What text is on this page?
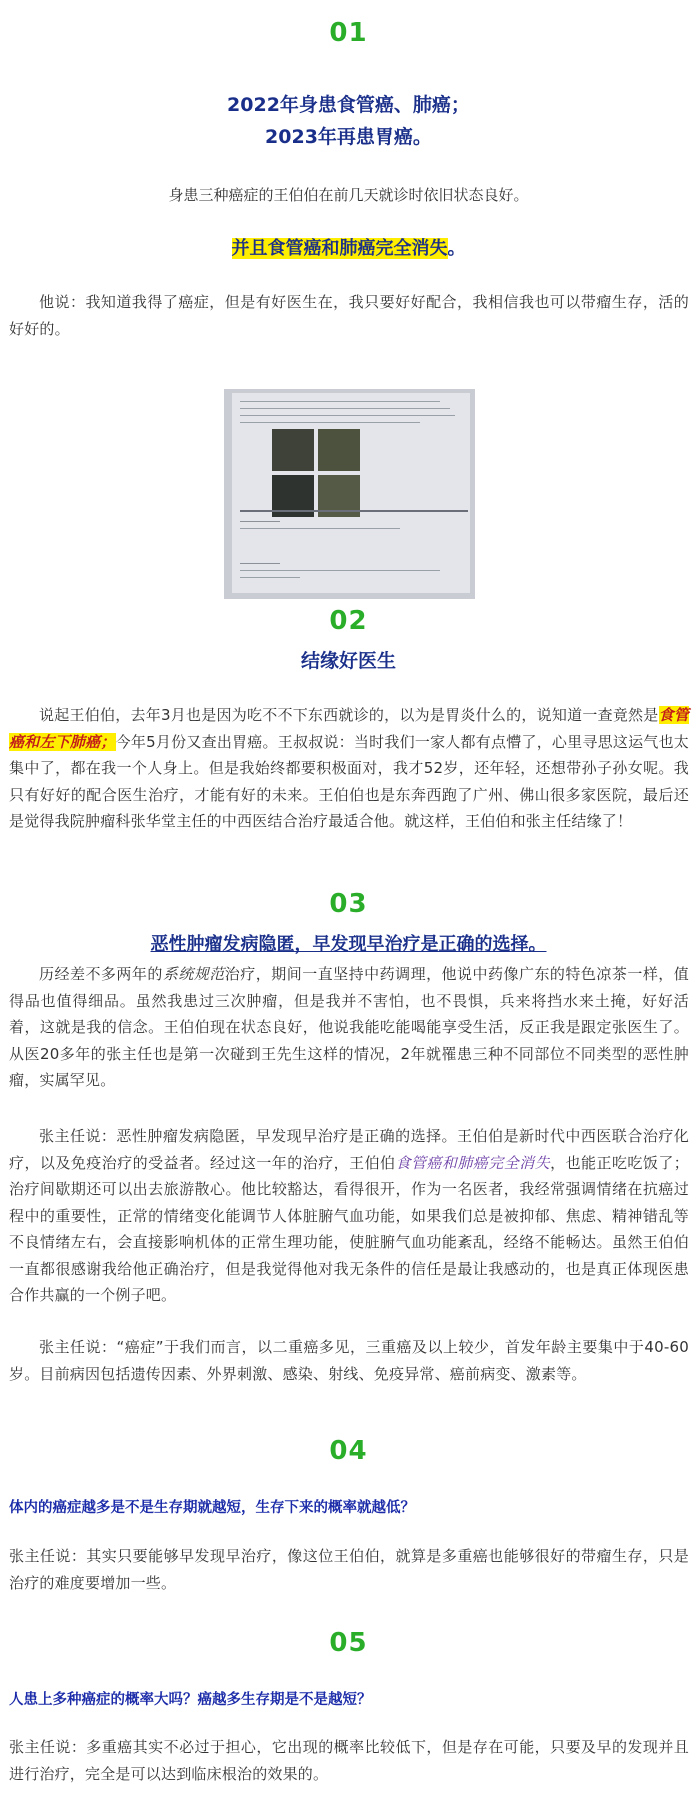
01
2022年身患食管癌、肺癌；
2023年再患胃癌。
身患三种癌症的王伯伯在前几天就诊时依旧状态良好。
并且食管癌和肺癌完全消失。
他说：我知道我得了癌症，但是有好医生在，我只要好好配合，我相信我也可以带瘤生存，活的好好的。
02
结缘好医生
说起王伯伯，去年3月也是因为吃不不下东西就诊的，以为是胃炎什么的，说知道一查竟然是食管癌和左下肺癌；今年5月份又查出胃癌。王叔叔说：当时我们一家人都有点懵了，心里寻思这运气也太集中了，都在我一个人身上。但是我始终都要积极面对，我才52岁，还年轻，还想带孙子孙女呢。我只有好好的配合医生治疗，才能有好的未来。王伯伯也是东奔西跑了广州、佛山很多家医院，最后还是觉得我院肿瘤科张华堂主任的中西医结合治疗最适合他。就这样，王伯伯和张主任结缘了！
03
恶性肿瘤发病隐匿，早发现早治疗是正确的选择。
历经差不多两年的系统规范治疗，期间一直坚持中药调理，他说中药像广东的特色凉茶一样，值得品也值得细品。虽然我患过三次肿瘤，但是我并不害怕，也不畏惧，兵来将挡水来土掩，好好活着，这就是我的信念。王伯伯现在状态良好，他说我能吃能喝能享受生活，反正我是跟定张医生了。从医20多年的张主任也是第一次碰到王先生这样的情况，2年就罹患三种不同部位不同类型的恶性肿瘤，实属罕见。
张主任说：恶性肿瘤发病隐匿，早发现早治疗是正确的选择。王伯伯是新时代中西医联合治疗化疗，以及免疫治疗的受益者。经过这一年的治疗，王伯伯食管癌和肺癌完全消失，也能正吃吃饭了；治疗间歇期还可以出去旅游散心。他比较豁达，看得很开，作为一名医者，我经常强调情绪在抗癌过程中的重要性，正常的情绪变化能调节人体脏腑气血功能，如果我们总是被抑郁、焦虑、精神错乱等不良情绪左右，会直接影响机体的正常生理功能，使脏腑气血功能紊乱，经络不能畅达。虽然王伯伯一直都很感谢我给他正确治疗，但是我觉得他对我无条件的信任是最让我感动的，也是真正体现医患合作共赢的一个例子吧。
张主任说：“癌症”于我们而言，以二重癌多见，三重癌及以上较少，首发年龄主要集中于40-60 岁。目前病因包括遗传因素、外界刺激、感染、射线、免疫异常、癌前病变、激素等。
04
体内的癌症越多是不是生存期就越短，生存下来的概率就越低？
张主任说：其实只要能够早发现早治疗，像这位王伯伯，就算是多重癌也能够很好的带瘤生存，只是治疗的难度要增加一些。
05
人患上多种癌症的概率大吗？癌越多生存期是不是越短？
张主任说：多重癌其实不必过于担心，它出现的概率比较低下，但是存在可能，只要及早的发现并且进行治疗，完全是可以达到临床根治的效果的。
